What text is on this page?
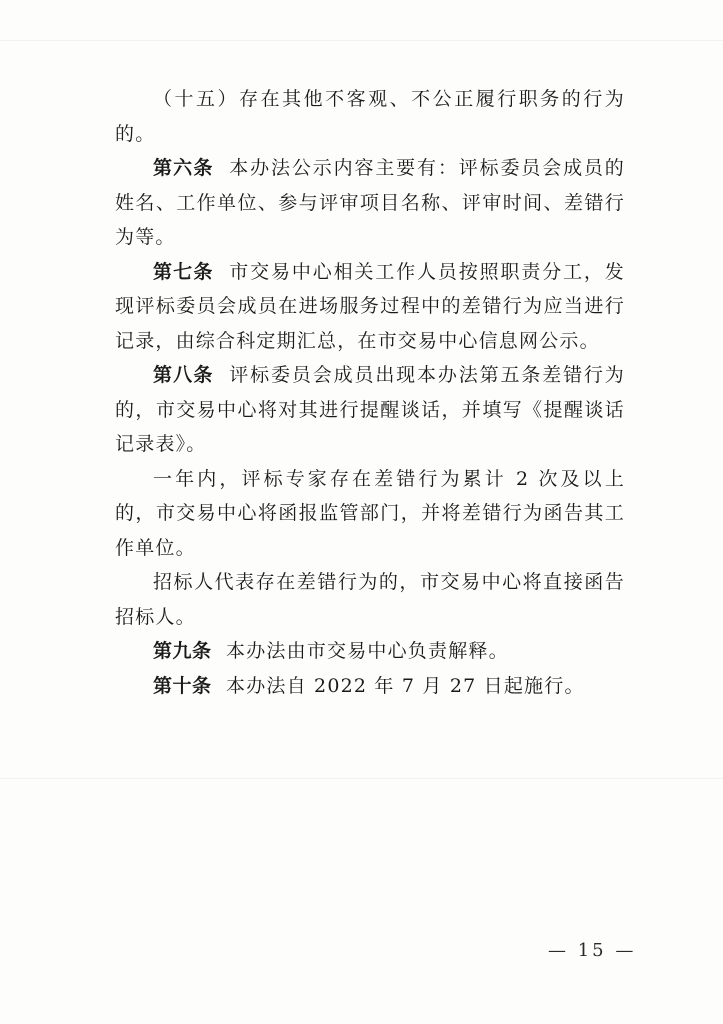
（十五）存在其他不客观、不公正履行职务的行为的。

第六条 本办法公示内容主要有：评标委员会成员的姓名、工作单位、参与评审项目名称、评审时间、差错行为等。

第七条 市交易中心相关工作人员按照职责分工，发现评标委员会成员在进场服务过程中的差错行为应当进行记录，由综合科定期汇总，在市交易中心信息网公示。

第八条 评标委员会成员出现本办法第五条差错行为的，市交易中心将对其进行提醒谈话，并填写《提醒谈话记录表》。

一年内，评标专家存在差错行为累计 2 次及以上的，市交易中心将函报监管部门，并将差错行为函告其工作单位。

招标人代表存在差错行为的，市交易中心将直接函告招标人。

第九条 本办法由市交易中心负责解释。

第十条 本办法自 2022 年 7 月 27 日起施行。

— 15 —
